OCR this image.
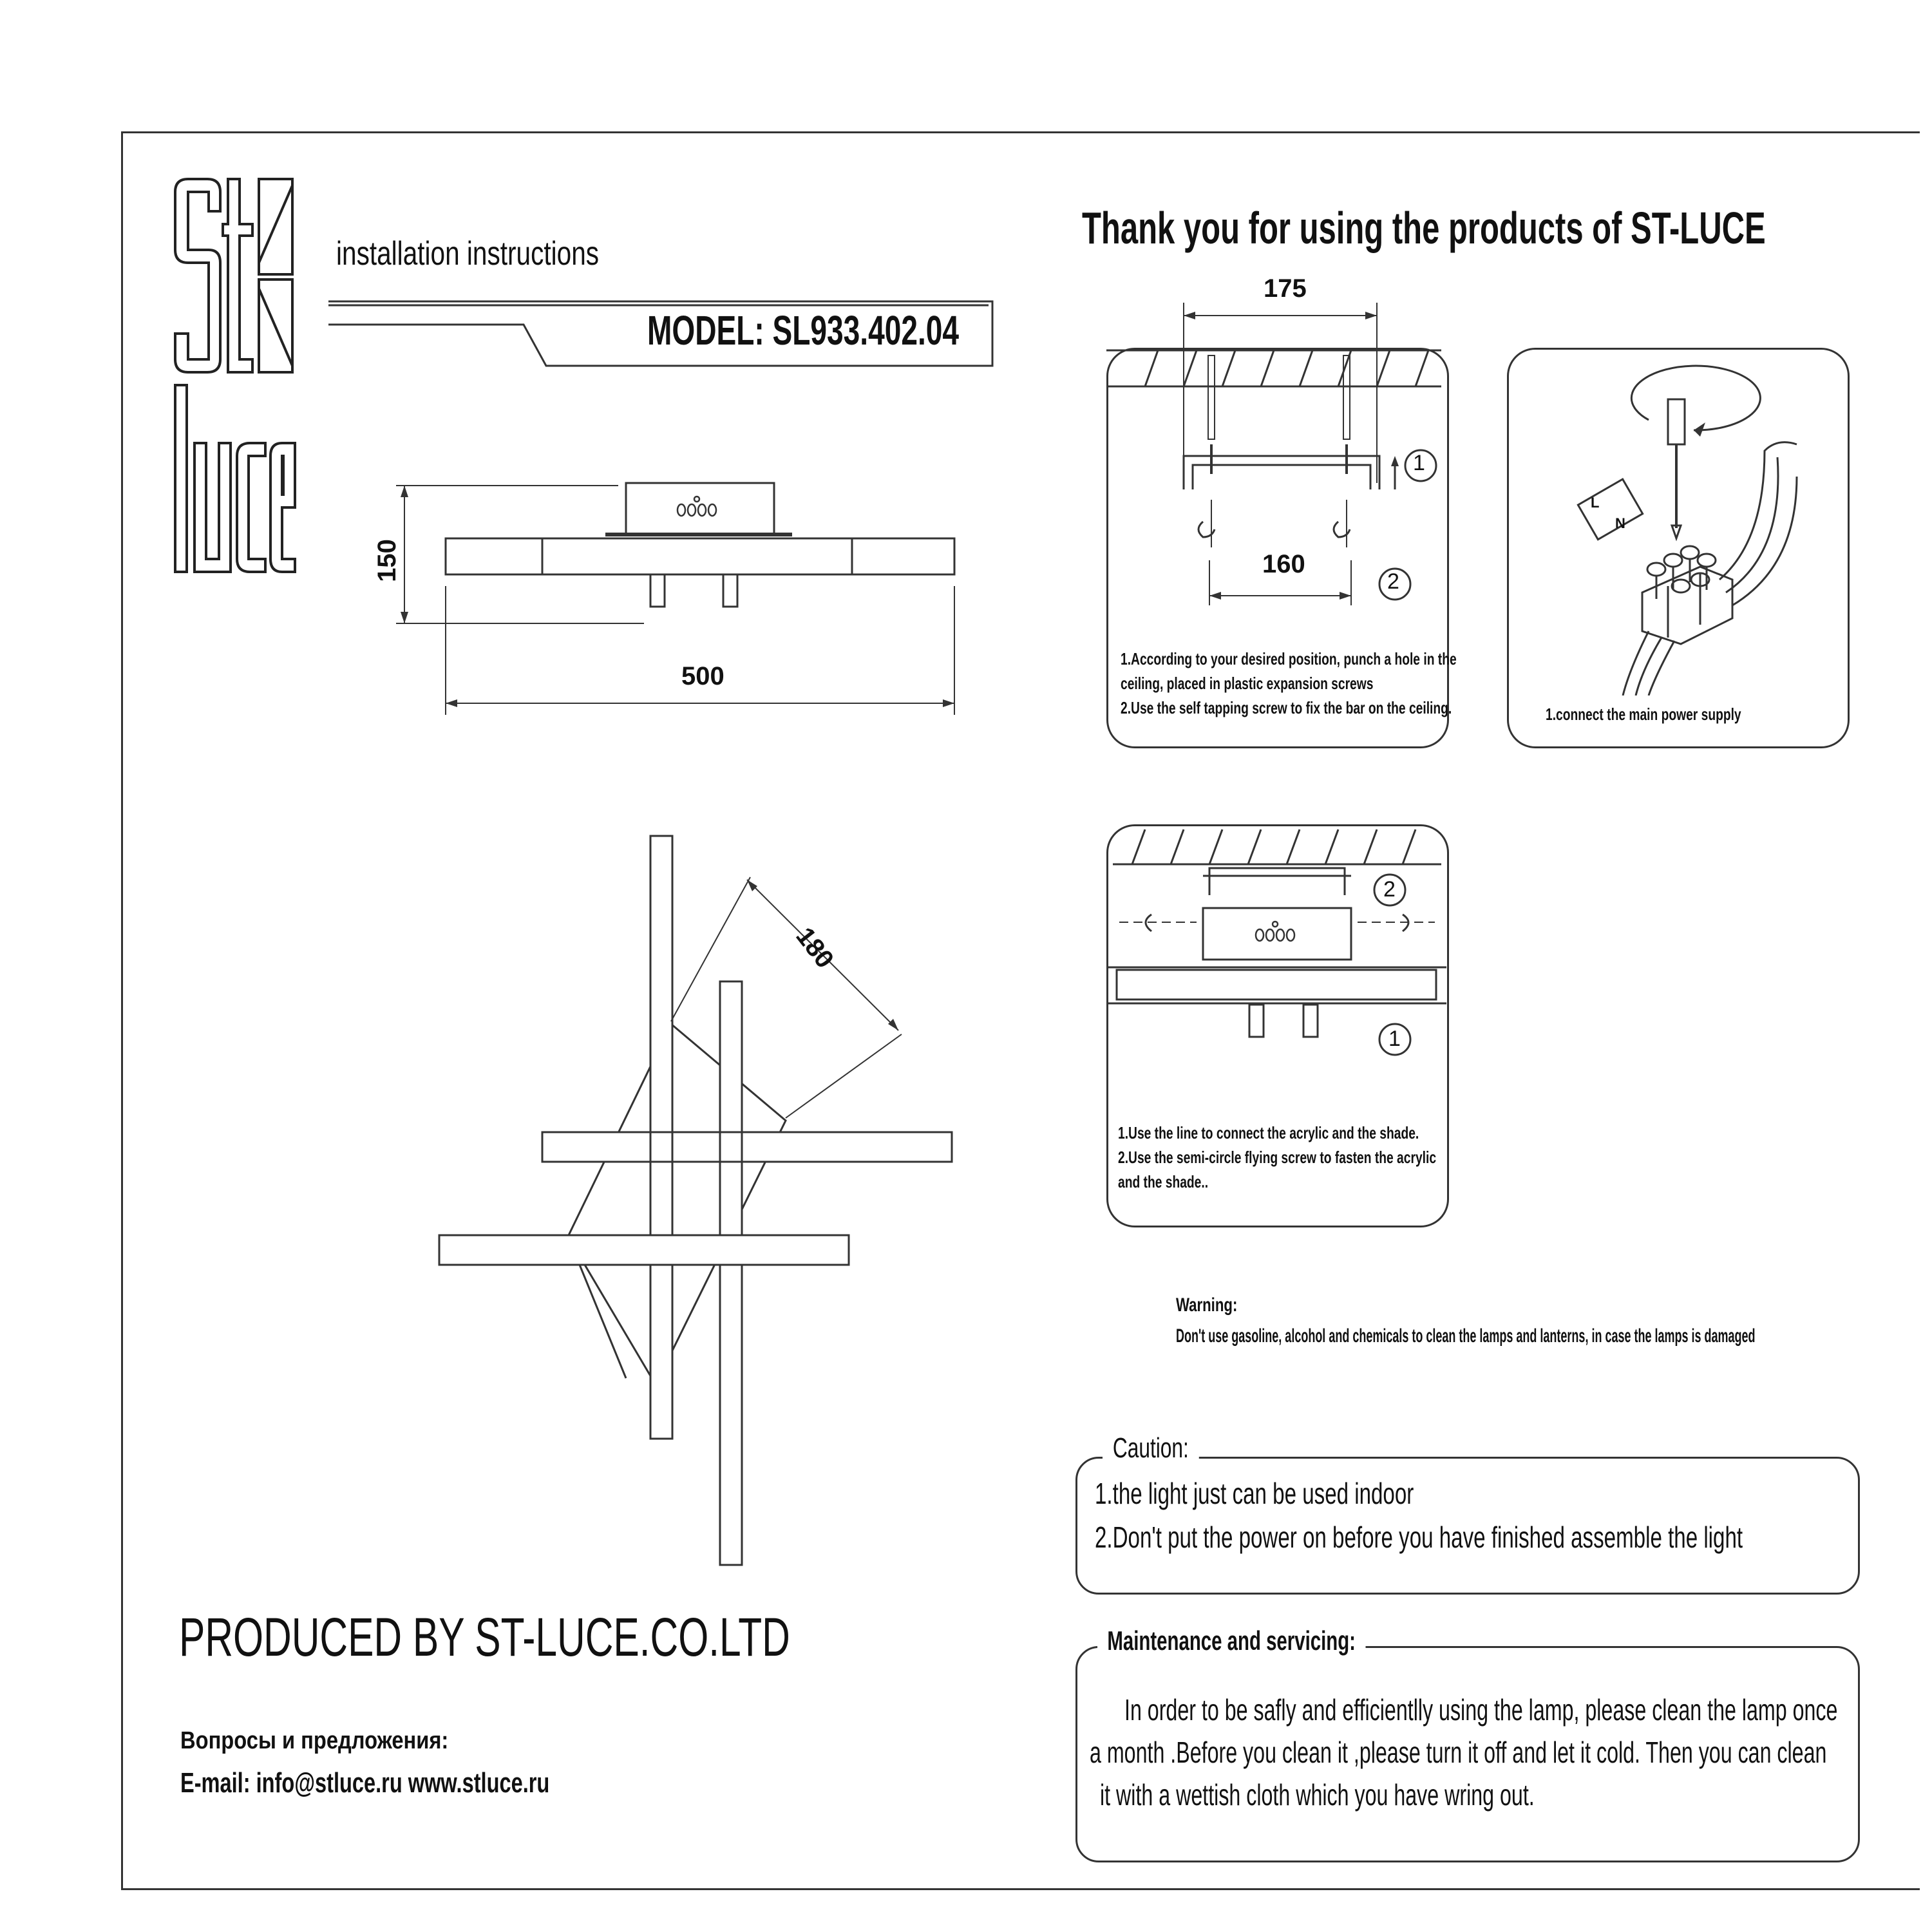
installation instructions
MODEL: SL933.402.04
150
500
180
PRODUCED BY ST-LUCE.CO.LTD
Вопросы и предложения:
E-mail: info@stluce.ru www.stluce.ru
Thank you for using the products of ST-LUCE
175
160
1
2
1.According to your desired position, punch a hole in the
ceiling, placed in plastic expansion screws
2.Use the self tapping screw to fix the bar on the ceiling.
L
N
1.connect the main power supply
2
1
1.Use the line to connect the acrylic and the shade.
2.Use the semi-circle flying screw to fasten the acrylic
and the shade..
Warning:
Don't use gasoline, alcohol and chemicals to clean the lamps and lanterns, in case the lamps is damaged
Caution:
1.the light just can be used indoor
2.Don't put the power on before you have finished assemble the light
Maintenance and servicing:
In order to be safly and efficientlly using the lamp, please clean the lamp once
a month .Before you clean it ,please turn it off and let it cold. Then you can clean
it with a wettish cloth which you have wring out.
